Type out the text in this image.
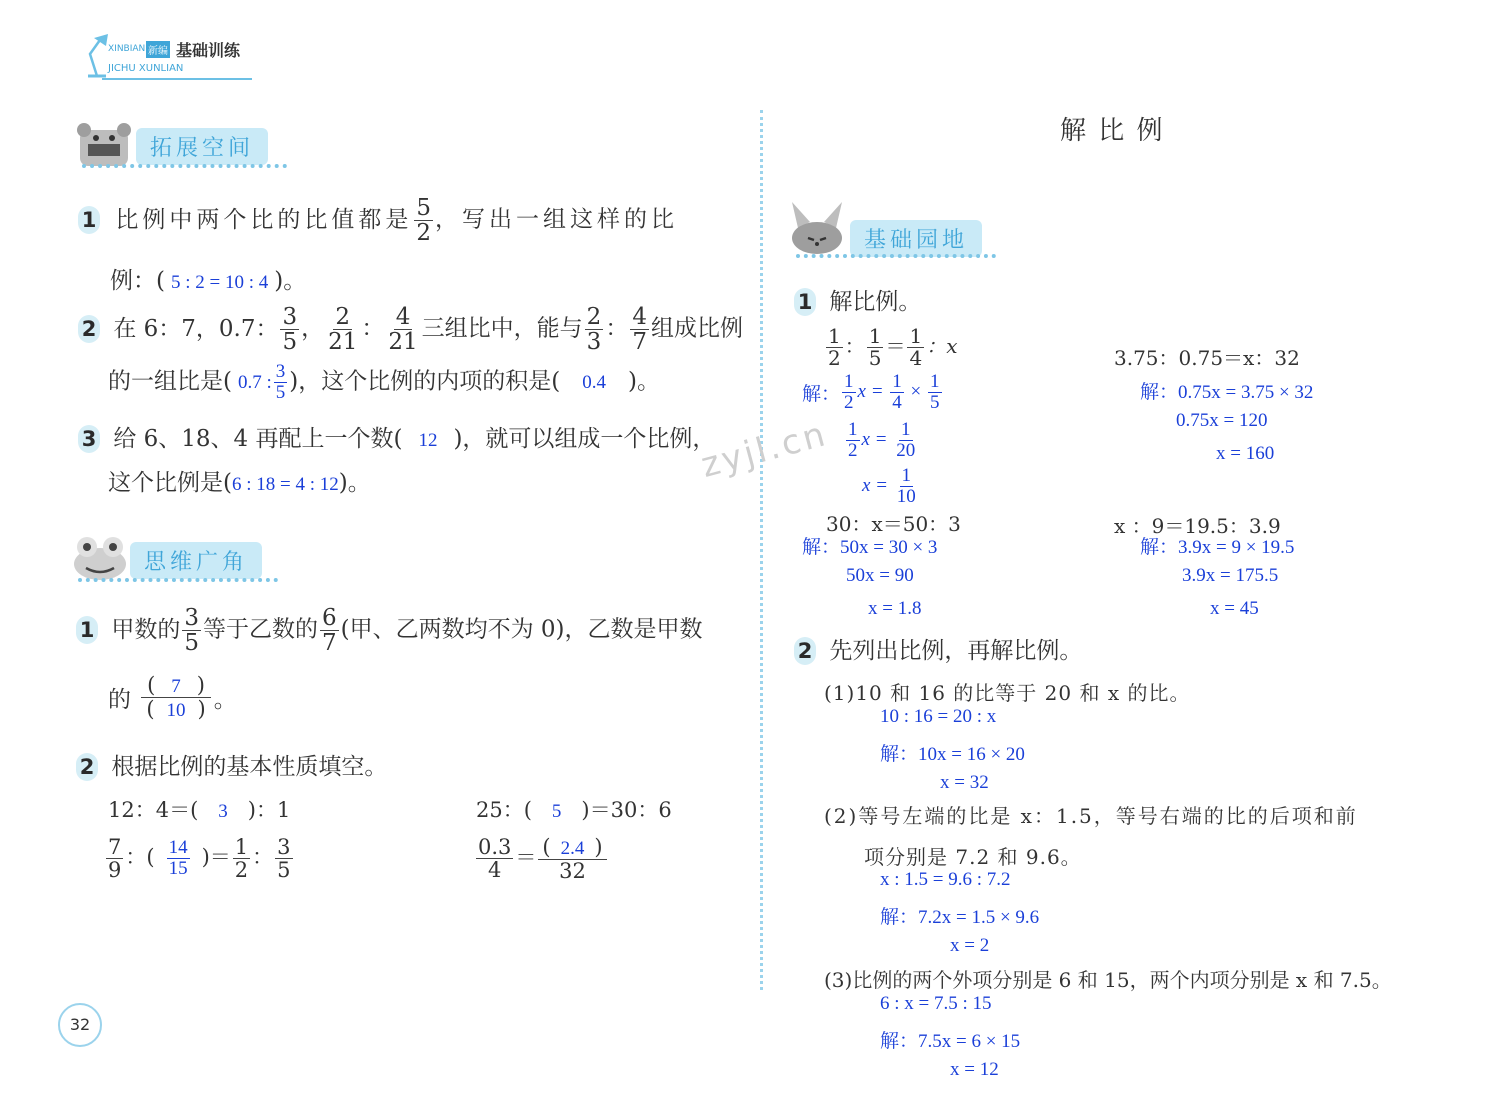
XINBIAN 新编 基础训练
JICHU XUNLIAN
拓展空间
1 比例中两个比的比值都是 $\frac{5}{2}$ ，写出一组这样的比
例：( 5 : 2 = 10 : 4 )。
2 在 6：7，0.7： $\frac{3}{5}$ ， $\frac{2}{21}$ ： $\frac{4}{21}$ 三组比中，能与 $\frac{2}{3}$ ： $\frac{4}{7}$ 组成比例
的一组比是( 0.7 : $\frac{3}{5}$ )，这个比例的内项的积是( 0.4 )。
3 给 6、18、4 再配上一个数( 12 )，就可以组成一个比例，
这个比例是(6 : 18 = 4 : 12)。
思维广角
1 甲数的 $\frac{3}{5}$ 等于乙数的 $\frac{6}{7}$ (甲、乙两数均不为 0)，乙数是甲数
的 $\frac{( 7 )}{( 10 )}$ 。
2 根据比例的基本性质填空。
12：4＝( 3 )：1	25：( 5 )＝30：6
$\frac{7}{9}$ ：( $\frac{14}{15}$ )＝ $\frac{1}{2}$ ： $\frac{3}{5}$	$\frac{0.3}{4} = \frac{( 2.4 )}{32}$
32
解 比 例
基础园地
zyjl.cn
1 解比例。
$\frac{1}{2}$ ： $\frac{1}{5} = \frac{1}{4}$ ：x
解： $\frac{1}{2}$ $x = \frac{1}{4} \times \frac{1}{5}$
$\frac{1}{2}$ $x = \frac{1}{20}$
$x = \frac{1}{10}$
3.75：0.75＝x：32
解：0.75x = 3.75 × 32
0.75x = 120
x = 160
30：x＝50：3
解：50x = 30 × 3
50x = 90
x = 1.8
x ：9＝19.5：3.9
解：3.9x = 9 × 19.5
3.9x = 175.5
x = 45
2 先列出比例，再解比例。
(1)10 和 16 的比等于 20 和 x 的比。
10 : 16 = 20 : x
解：10x = 16 × 20
x = 32
(2)等号左端的比是 x：1.5，等号右端的比的后项和前
项分别是 7.2 和 9.6。
x : 1.5 = 9.6 : 7.2
解：7.2x = 1.5 × 9.6
x = 2
(3)比例的两个外项分别是 6 和 15，两个内项分别是 x 和 7.5。
6 : x = 7.5 : 15
解：7.5x = 6 × 15
x = 12
